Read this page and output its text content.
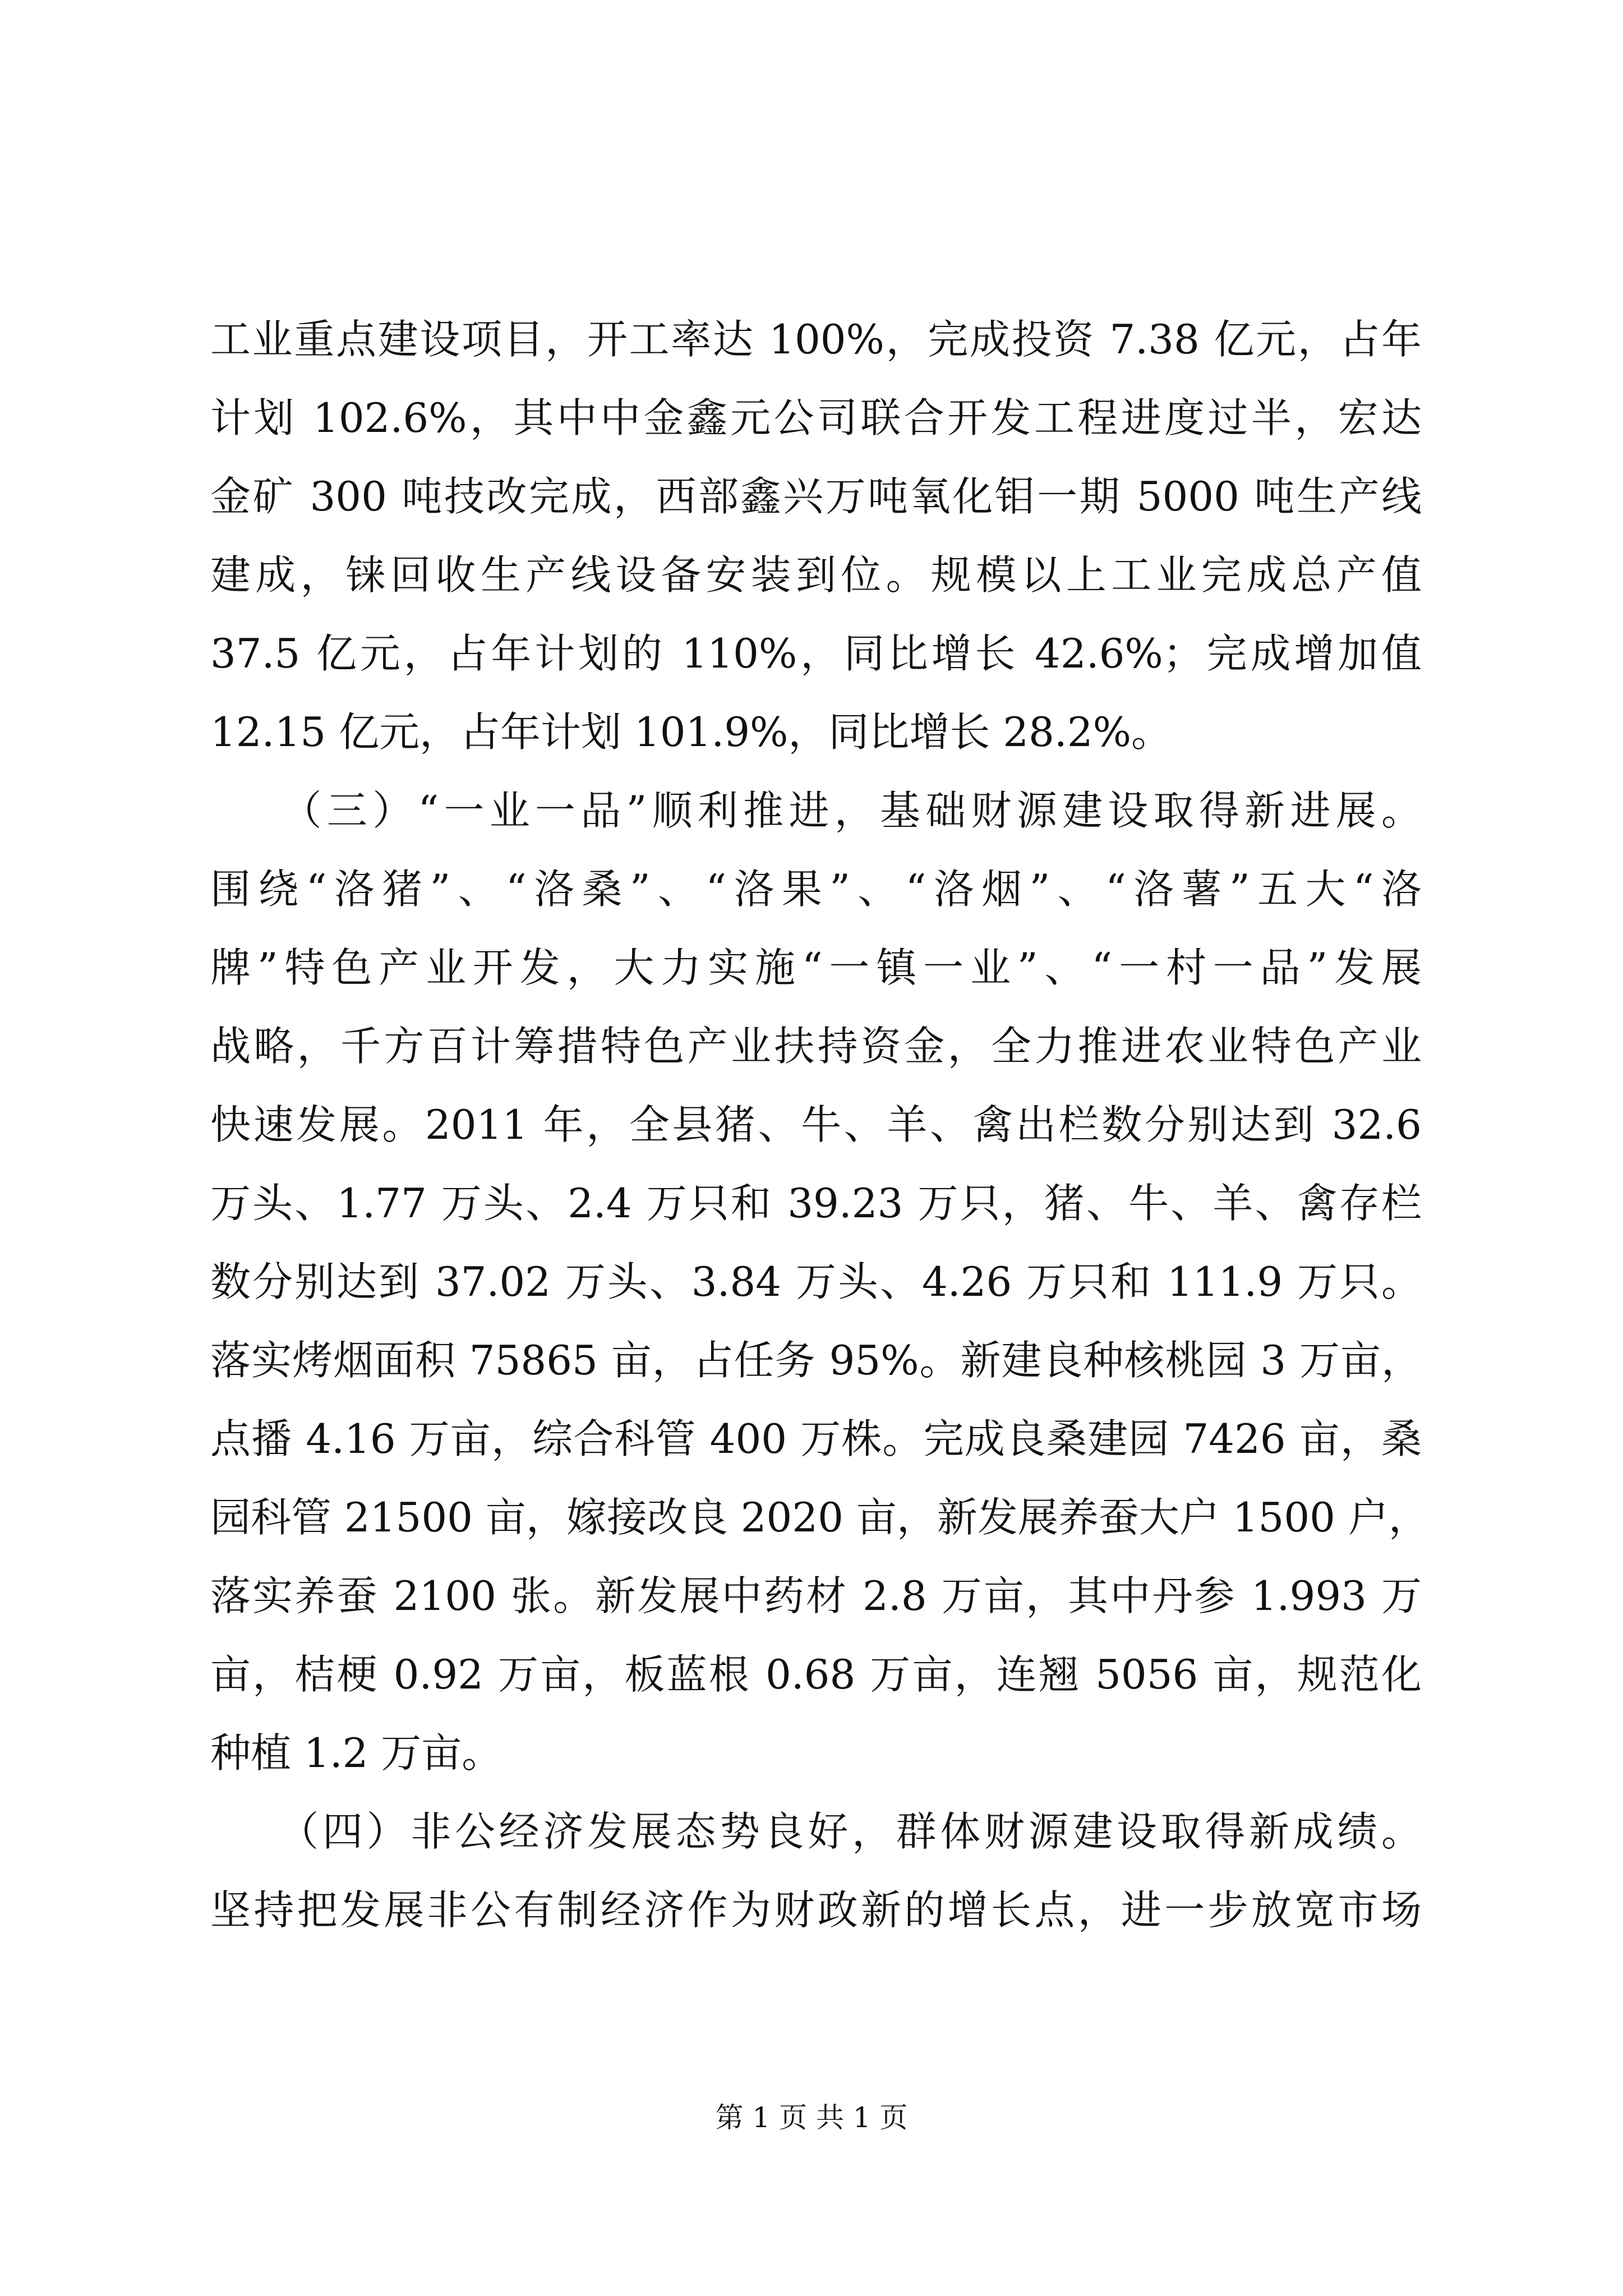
工业重点建设项目，开工率达 100%，完成投资 7.38 亿元，占年
计划 102.6%，其中中金鑫元公司联合开发工程进度过半，宏达
金矿 300 吨技改完成，西部鑫兴万吨氧化钼一期 5000 吨生产线
建成，铼回收生产线设备安装到位。规模以上工业完成总产值
37.5 亿元，占年计划的 110%，同比增长 42.6%；完成增加值
12.15 亿元，占年计划 101.9%，同比增长 28.2%。
　　（三）“一业一品”顺利推进，基础财源建设取得新进展。
围绕“洛猪”、“洛桑”、“洛果”、“洛烟”、“洛薯”五大“洛
牌”特色产业开发，大力实施“一镇一业”、“一村一品”发展
战略，千方百计筹措特色产业扶持资金，全力推进农业特色产业
快速发展。2011 年，全县猪、牛、羊、禽出栏数分别达到 32.6
万头、1.77 万头、2.4 万只和 39.23 万只，猪、牛、羊、禽存栏
数分别达到 37.02 万头、3.84 万头、4.26 万只和 111.9 万只。
落实烤烟面积 75865 亩，占任务 95%。新建良种核桃园 3 万亩，
点播 4.16 万亩，综合科管 400 万株。完成良桑建园 7426 亩，桑
园科管 21500 亩，嫁接改良 2020 亩，新发展养蚕大户 1500 户，
落实养蚕 2100 张。新发展中药材 2.8 万亩，其中丹参 1.993 万
亩，桔梗 0.92 万亩，板蓝根 0.68 万亩，连翘 5056 亩，规范化
种植 1.2 万亩。
　　（四）非公经济发展态势良好，群体财源建设取得新成绩。
坚持把发展非公有制经济作为财政新的增长点，进一步放宽市场
第 1 页 共 1 页
